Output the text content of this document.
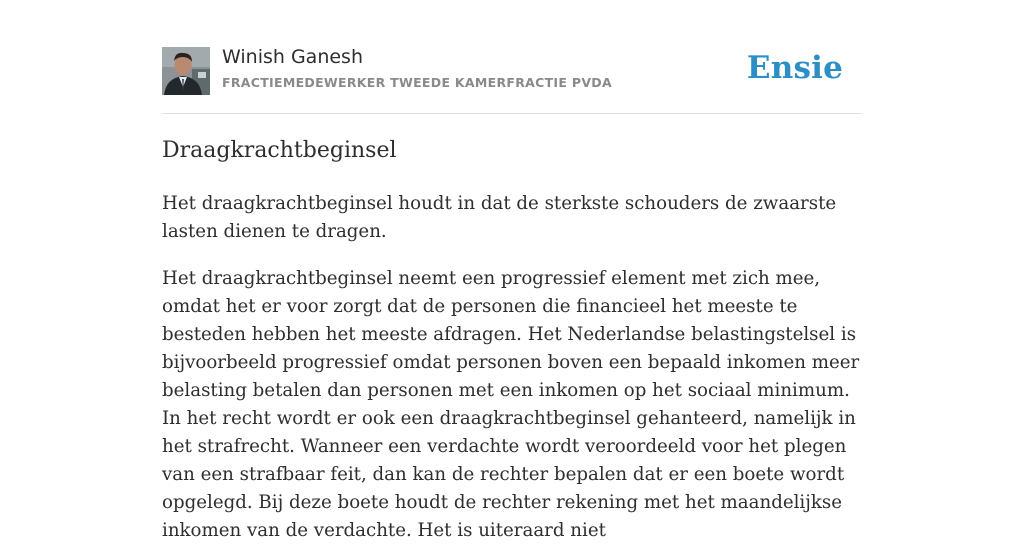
Winish Ganesh
FRACTIEMEDEWERKER TWEEDE KAMERFRACTIE PVDA	Ensie
Draagkrachtbeginsel

Het draagkrachtbeginsel houdt in dat de sterkste schouders de zwaarste lasten dienen te dragen.

Het draagkrachtbeginsel neemt een progressief element met zich mee, omdat het er voor zorgt dat de personen die financieel het meeste te besteden hebben het meeste afdragen. Het Nederlandse belastingstelsel is bijvoorbeeld progressief omdat personen boven een bepaald inkomen meer belasting betalen dan personen met een inkomen op het sociaal minimum. In het recht wordt er ook een draagkrachtbeginsel gehanteerd, namelijk in het strafrecht. Wanneer een verdachte wordt veroordeeld voor het plegen van een strafbaar feit, dan kan de rechter bepalen dat er een boete wordt opgelegd. Bij deze boete houdt de rechter rekening met het maandelijkse inkomen van de verdachte. Het is uiteraard niet
